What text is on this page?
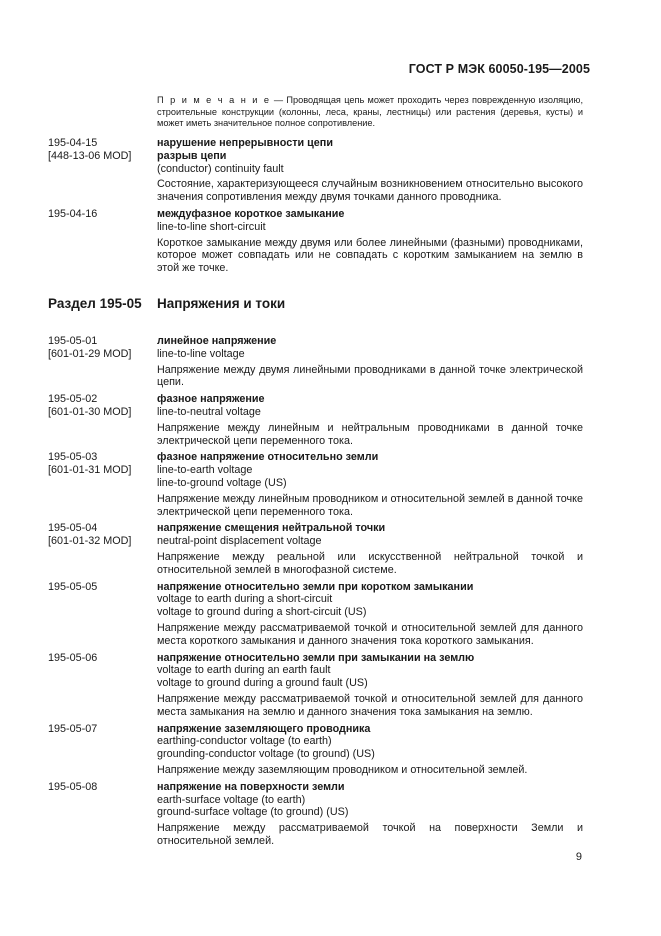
ГОСТ Р МЭК 60050-195—2005
П р и м е ч а н и е — Проводящая цепь может проходить через поврежденную изоляцию, строительные конструкции (колонны, леса, краны, лестницы) или растения (деревья, кусты) и может иметь значительное полное сопротивление.
195-04-15
[448-13-06 MOD]
нарушение непрерывности цепи
разрыв цепи
(conductor) continuity fault
Состояние, характеризующееся случайным возникновением относительно высокого значения сопротивления между двумя точками данного проводника.
195-04-16	междуфазное короткое замыкание
line-to-line short-circuit
Короткое замыкание между двумя или более линейными (фазными) проводниками, которое может совпадать или не совпадать с коротким замыканием на землю в этой же точке.
Раздел 195-05	Напряжения и токи
195-05-01
[601-01-29 MOD]
линейное напряжение
line-to-line voltage
Напряжение между двумя линейными проводниками в данной точке электрической цепи.
195-05-02
[601-01-30 MOD]
фазное напряжение
line-to-neutral voltage
Напряжение между линейным и нейтральным проводниками в данной точке электрической цепи переменного тока.
195-05-03
[601-01-31 MOD]
фазное напряжение относительно земли
line-to-earth voltage
line-to-ground voltage (US)
Напряжение между линейным проводником и относительной землей в данной точке электрической цепи переменного тока.
195-05-04
[601-01-32 MOD]
напряжение смещения нейтральной точки
neutral-point displacement voltage
Напряжение между реальной или искусственной нейтральной точкой и относительной землей в многофазной системе.
195-05-05	напряжение относительно земли при коротком замыкании
voltage to earth during a short-circuit
voltage to ground during a short-circuit (US)
Напряжение между рассматриваемой точкой и относительной землей для данного места короткого замыкания и данного значения тока короткого замыкания.
195-05-06	напряжение относительно земли при замыкании на землю
voltage to earth during an earth fault
voltage to ground during a ground fault (US)
Напряжение между рассматриваемой точкой и относительной землей для данного места замыкания на землю и данного значения тока замыкания на землю.
195-05-07	напряжение заземляющего проводника
earthing-conductor voltage (to earth)
grounding-conductor voltage (to ground) (US)
Напряжение между заземляющим проводником и относительной землей.
195-05-08	напряжение на поверхности земли
earth-surface voltage (to earth)
ground-surface voltage (to ground) (US)
Напряжение между рассматриваемой точкой на поверхности Земли и относительной землей.
9
